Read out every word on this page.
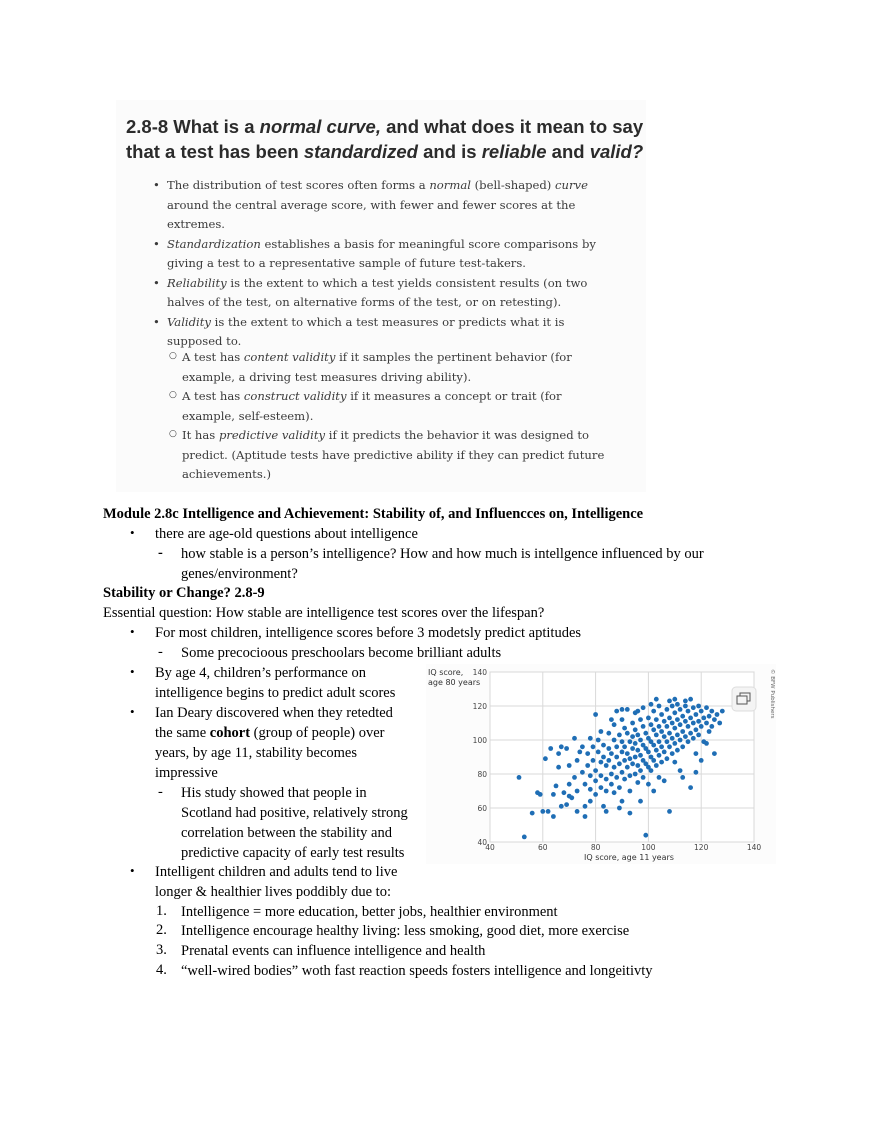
2.8-8 What is a normal curve, and what does it mean to say that a test has been standardized and is reliable and valid?
• The distribution of test scores often forms a normal (bell-shaped) curve around the central average score, with fewer and fewer scores at the extremes.
• Standardization establishes a basis for meaningful score comparisons by giving a test to a representative sample of future test-takers.
• Reliability is the extent to which a test yields consistent results (on two halves of the test, on alternative forms of the test, or on retesting).
• Validity is the extent to which a test measures or predicts what it is supposed to.
○ A test has content validity if it samples the pertinent behavior (for example, a driving test measures driving ability).
○ A test has construct validity if it measures a concept or trait (for example, self-esteem).
○ It has predictive validity if it predicts the behavior it was designed to predict. (Aptitude tests have predictive ability if they can predict future achievements.)
Module 2.8c Intelligence and Achievement: Stability of, and Influencces on, Intelligence
• there are age-old questions about intelligence
- how stable is a person’s intelligence? How and how much is intellgence influenced by our
genes/environment?
Stability or Change? 2.8-9
Essential question: How stable are intelligence test scores over the lifespan?
• For most children, intelligence scores before 3 modetsly predict aptitudes
- Some precocioous preschoolars become brilliant adults
• By age 4, children’s performance on
intelligence begins to predict adult scores
• Ian Deary discovered when they retedted
the same cohort (group of people) over
years, by age 11, stability becomes
impressive
- His study showed that people in
Scotland had positive, relatively strong
correlation between the stability and
predictive capacity of early test results
• Intelligent children and adults tend to live
longer & healthier lives poddibly due to:
1. Intelligence = more education, better jobs, healthier environment
2. Intelligence encourage healthy living: less smoking, good diet, more exercise
3. Prenatal events can influence intelligence and health
4. “well-wired bodies” woth fast reaction speeds fosters intelligence and longeitivty
40	60	80	100	120	140
140
120
100
80
60
40
IQ score,
age 80 years
IQ score, age 11 years
© BFW Publishers
